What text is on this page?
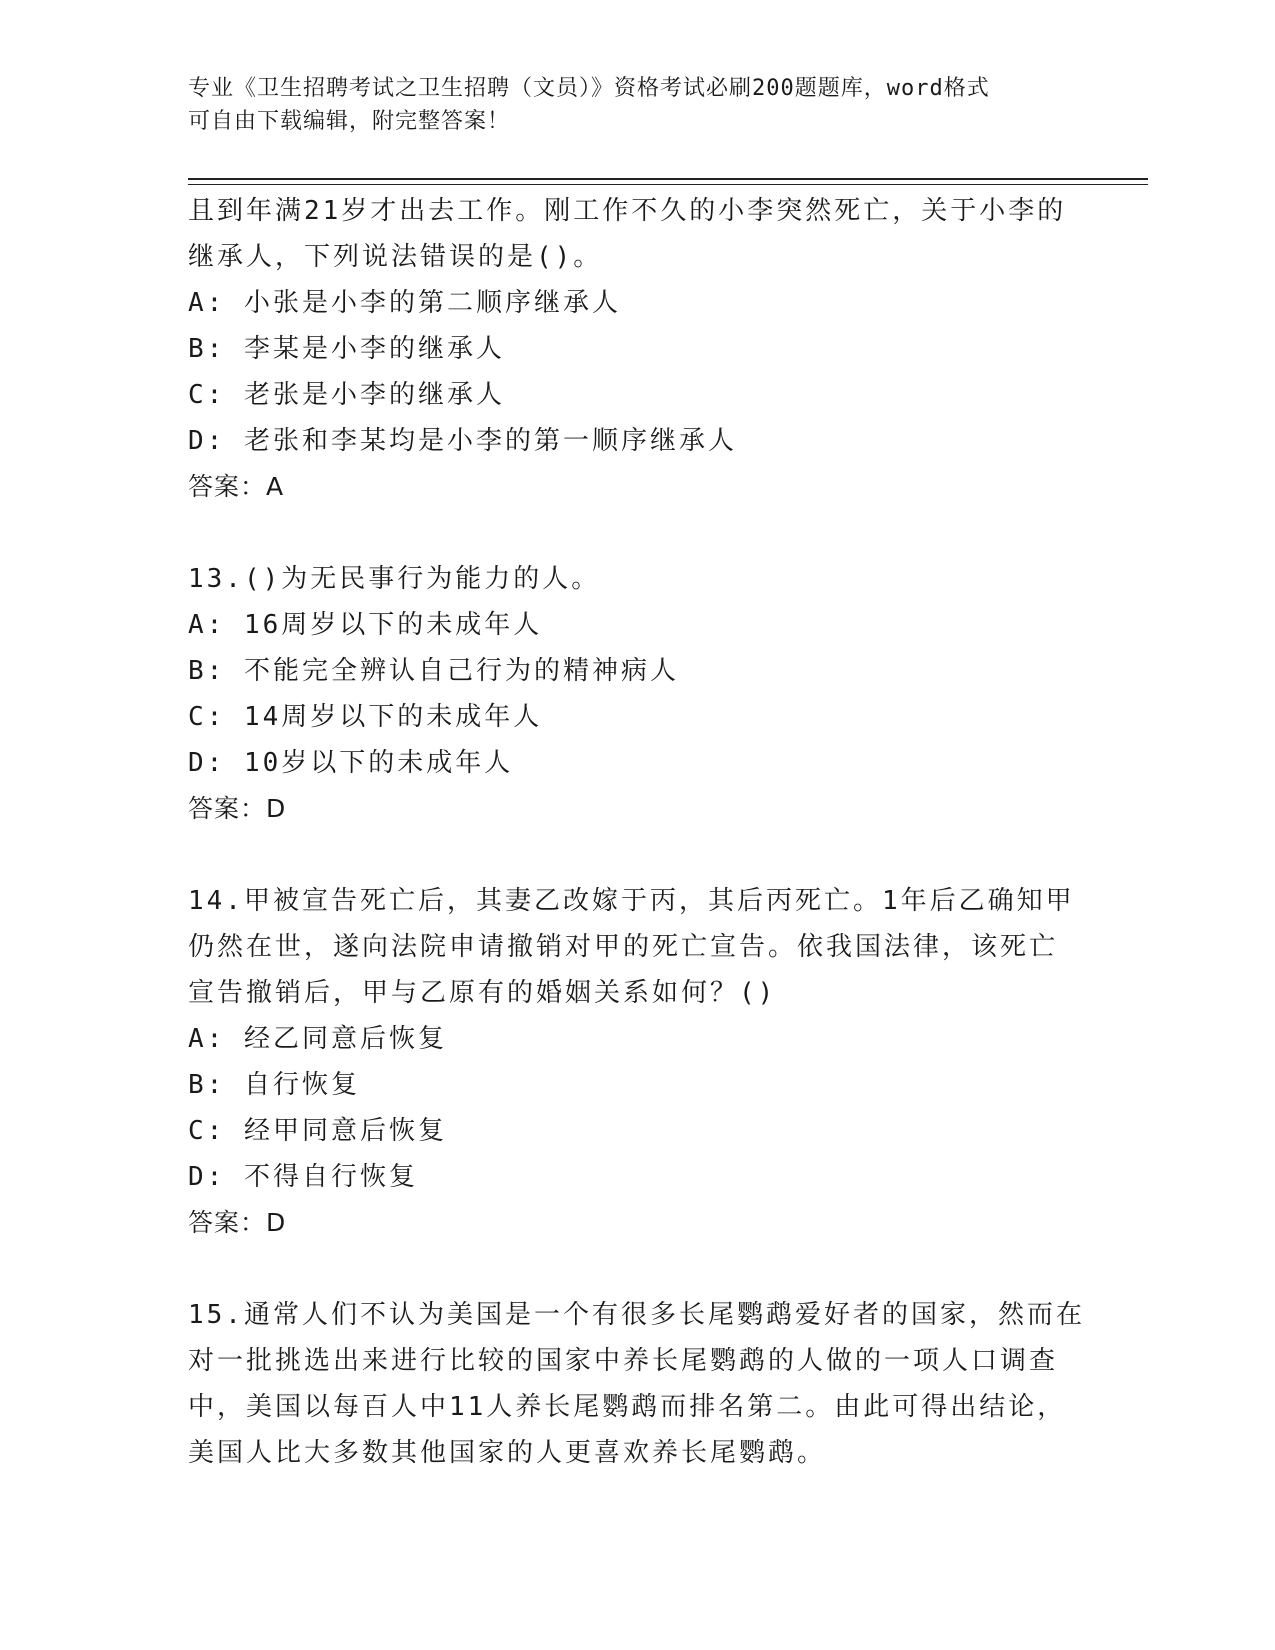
专业《卫生招聘考试之卫生招聘（文员）》资格考试必刷200题题库，word格式
可自由下载编辑，附完整答案！
且到年满21岁才出去工作。刚工作不久的小李突然死亡，关于小李的
继承人，下列说法错误的是()。
A: 小张是小李的第二顺序继承人
B: 李某是小李的继承人
C: 老张是小李的继承人
D: 老张和李某均是小李的第一顺序继承人
答案：A
13.()为无民事行为能力的人。
A: 16周岁以下的未成年人
B: 不能完全辨认自己行为的精神病人
C: 14周岁以下的未成年人
D: 10岁以下的未成年人
答案：D
14.甲被宣告死亡后，其妻乙改嫁于丙，其后丙死亡。1年后乙确知甲
仍然在世，遂向法院申请撤销对甲的死亡宣告。依我国法律，该死亡
宣告撤销后，甲与乙原有的婚姻关系如何？()
A: 经乙同意后恢复
B: 自行恢复
C: 经甲同意后恢复
D: 不得自行恢复
答案：D
15.通常人们不认为美国是一个有很多长尾鹦鹉爱好者的国家，然而在
对一批挑选出来进行比较的国家中养长尾鹦鹉的人做的一项人口调查
中，美国以每百人中11人养长尾鹦鹉而排名第二。由此可得出结论，
美国人比大多数其他国家的人更喜欢养长尾鹦鹉。
